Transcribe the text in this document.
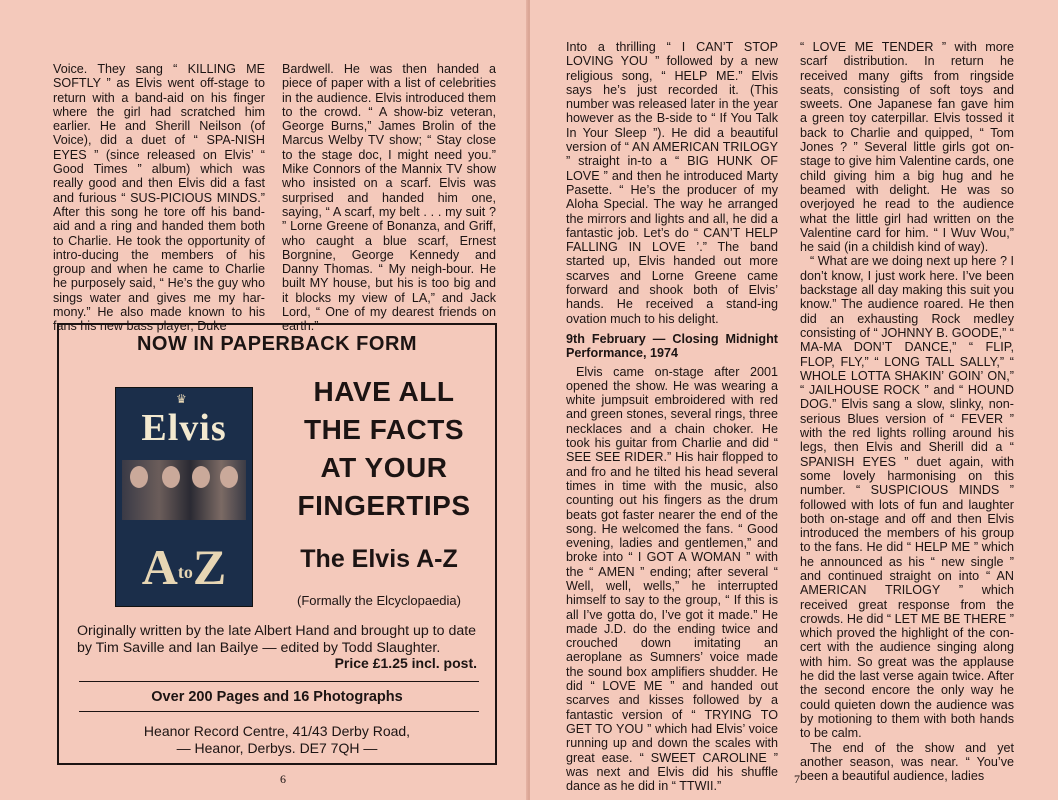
Voice. They sang “ KILLING ME SOFTLY ” as Elvis went off-stage to return with a band-aid on his finger where the girl had scratched him earlier. He and Sherill Neilson (of Voice), did a duet of “ SPA-NISH EYES ” (since released on Elvis’ “ Good Times ” album) which was really good and then Elvis did a fast and furious “ SUS-PICIOUS MINDS.” After this song he tore off his band-aid and a ring and handed them both to Charlie. He took the opportunity of intro-ducing the members of his group and when he came to Charlie he purposely said, “ He’s the guy who sings water and gives me my har-mony.” He also made known to his fans his new bass player, Duke

Bardwell. He was then handed a piece of paper with a list of celebrities in the audience. Elvis introduced them to the crowd. “ A show-biz veteran, George Burns,” James Brolin of the Marcus Welby TV show; “ Stay close to the stage doc, I might need you.” Mike Connors of the Mannix TV show who insisted on a scarf. Elvis was surprised and handed him one, saying, “ A scarf, my belt . . . my suit ? ” Lorne Greene of Bonanza, and Griff, who caught a blue scarf, Ernest Borgnine, George Kennedy and Danny Thomas. “ My neigh-bour. He built MY house, but his is too big and it blocks my view of LA,” and Jack Lord, “ One of my dearest friends on earth.”

NOW IN PAPERBACK FORM
♛
Elvis
AtoZ
HAVE ALL
THE FACTS
AT YOUR
FINGERTIPS
The Elvis A-Z
(Formally the Elcyclopaedia)
Originally written by the late Albert Hand and brought up to date by Tim Saville and Ian Bailye — edited by Todd Slaughter.
Price £1.25 incl. post.
Over 200 Pages and 16 Photographs
Heanor Record Centre, 41/43 Derby Road,
— Heanor, Derbys. DE7 7QH —
6

Into a thrilling “ I CAN’T STOP LOVING YOU ” followed by a new religious song, “ HELP ME.” Elvis says he’s just recorded it. (This number was released later in the year however as the B-side to “ If You Talk In Your Sleep ”). He did a beautiful version of “ AN AMERICAN TRILOGY ” straight in-to a “ BIG HUNK OF LOVE ” and then he introduced Marty Pasette. “ He’s the producer of my Aloha Special. The way he arranged the mirrors and lights and all, he did a fantastic job. Let’s do “ CAN’T HELP FALLING IN LOVE ’.” The band started up, Elvis handed out more scarves and Lorne Greene came forward and shook both of Elvis’ hands. He received a stand-ing ovation much to his delight.

9th February — Closing Midnight Performance, 1974

Elvis came on-stage after 2001 opened the show. He was wearing a white jumpsuit embroidered with red and green stones, several rings, three necklaces and a chain choker. He took his guitar from Charlie and did “ SEE SEE RIDER.” His hair flopped to and fro and he tilted his head several times in time with the music, also counting out his fingers as the drum beats got faster nearer the end of the song. He welcomed the fans. “ Good evening, ladies and gentlemen,” and broke into “ I GOT A WOMAN ” with the “ AMEN ” ending; after several “ Well, well, wells,” he interrupted himself to say to the group, “ If this is all I’ve gotta do, I’ve got it made.” He made J.D. do the ending twice and crouched down imitating an aeroplane as Sumners’ voice made the sound box amplifiers shudder. He did “ LOVE ME ” and handed out scarves and kisses followed by a fantastic version of “ TRYING TO GET TO YOU ” which had Elvis’ voice running up and down the scales with great ease. “ SWEET CAROLINE ” was next and Elvis did his shuffle dance as he did in “ TTWII.”

“ LOVE ME TENDER ” with more scarf distribution. In return he received many gifts from ringside seats, consisting of soft toys and sweets. One Japanese fan gave him a green toy caterpillar. Elvis tossed it back to Charlie and quipped, “ Tom Jones ? ” Several little girls got on-stage to give him Valentine cards, one child giving him a big hug and he beamed with delight. He was so overjoyed he read to the audience what the little girl had written on the Valentine card for him. “ I Wuv Wou,” he said (in a childish kind of way).

“ What are we doing next up here ? I don’t know, I just work here. I’ve been backstage all day making this suit you know.” The audience roared. He then did an exhausting Rock medley consisting of “ JOHNNY B. GOODE,” “ MA-MA DON’T DANCE,” “ FLIP, FLOP, FLY,” “ LONG TALL SALLY,” “ WHOLE LOTTA SHAKIN’ GOIN’ ON,” “ JAILHOUSE ROCK ” and “ HOUND DOG.” Elvis sang a slow, slinky, non-serious Blues version of “ FEVER ” with the red lights rolling around his legs, then Elvis and Sherill did a “ SPANISH EYES ” duet again, with some lovely harmonising on this number. “ SUSPICIOUS MINDS ” followed with lots of fun and laughter both on-stage and off and then Elvis introduced the members of his group to the fans. He did “ HELP ME ” which he announced as his “ new single ” and continued straight on into “ AN AMERICAN TRILOGY ” which received great response from the crowds. He did “ LET ME BE THERE ” which proved the highlight of the con-cert with the audience singing along with him. So great was the applause he did the last verse again twice. After the second encore the only way he could quieten down the audience was by motioning to them with both hands to be calm.

The end of the show and yet another season, was near. “ You’ve been a beautiful audience, ladies

7
